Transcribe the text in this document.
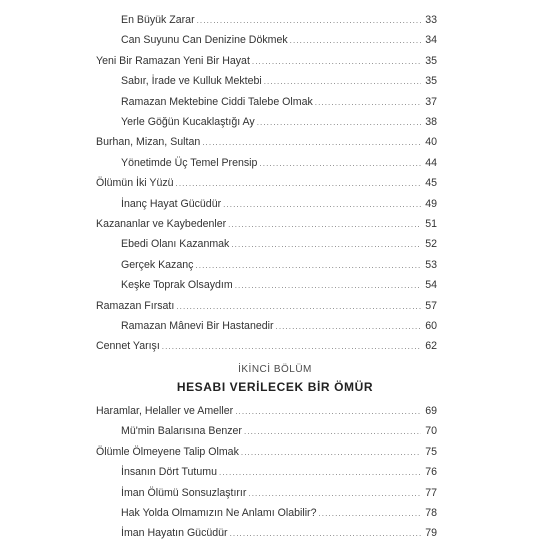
En Büyük Zarar .....	33
Can Suyunu Can Denizine Dökmek .....	34
Yeni Bir Ramazan Yeni Bir Hayat .....	35
Sabır, İrade ve Kulluk Mektebi .....	35
Ramazan Mektebine Ciddi Talebe Olmak .....	37
Yerle Göğün Kucaklaştığı Ay .....	38
Burhan, Mizan, Sultan .....	40
Yönetimde Üç Temel Prensip .....	44
Ölümün İki Yüzü .....	45
İnanç Hayat Gücüdür .....	49
Kazananlar ve Kaybedenler .....	51
Ebedi Olanı Kazanmak .....	52
Gerçek Kazanç .....	53
Keşke Toprak Olsaydım .....	54
Ramazan Fırsatı .....	57
Ramazan Mânevi Bir Hastanedir .....	60
Cennet Yarışı .....	62
İKİNCİ BÖLÜM
HESABI VERİLECEK BİR ÖMÜR
Haramlar, Helaller ve Ameller .....	69
Mü'min Balarısına Benzer .....	70
Ölümle Ölmeyene Talip Olmak .....	75
İnsanın Dört Tutumu .....	76
İman Ölümü Sonsuzlaştırır .....	77
Hak Yolda Olmamızın Ne Anlamı Olabilir? .....	78
İman Hayatın Gücüdür .....	79
